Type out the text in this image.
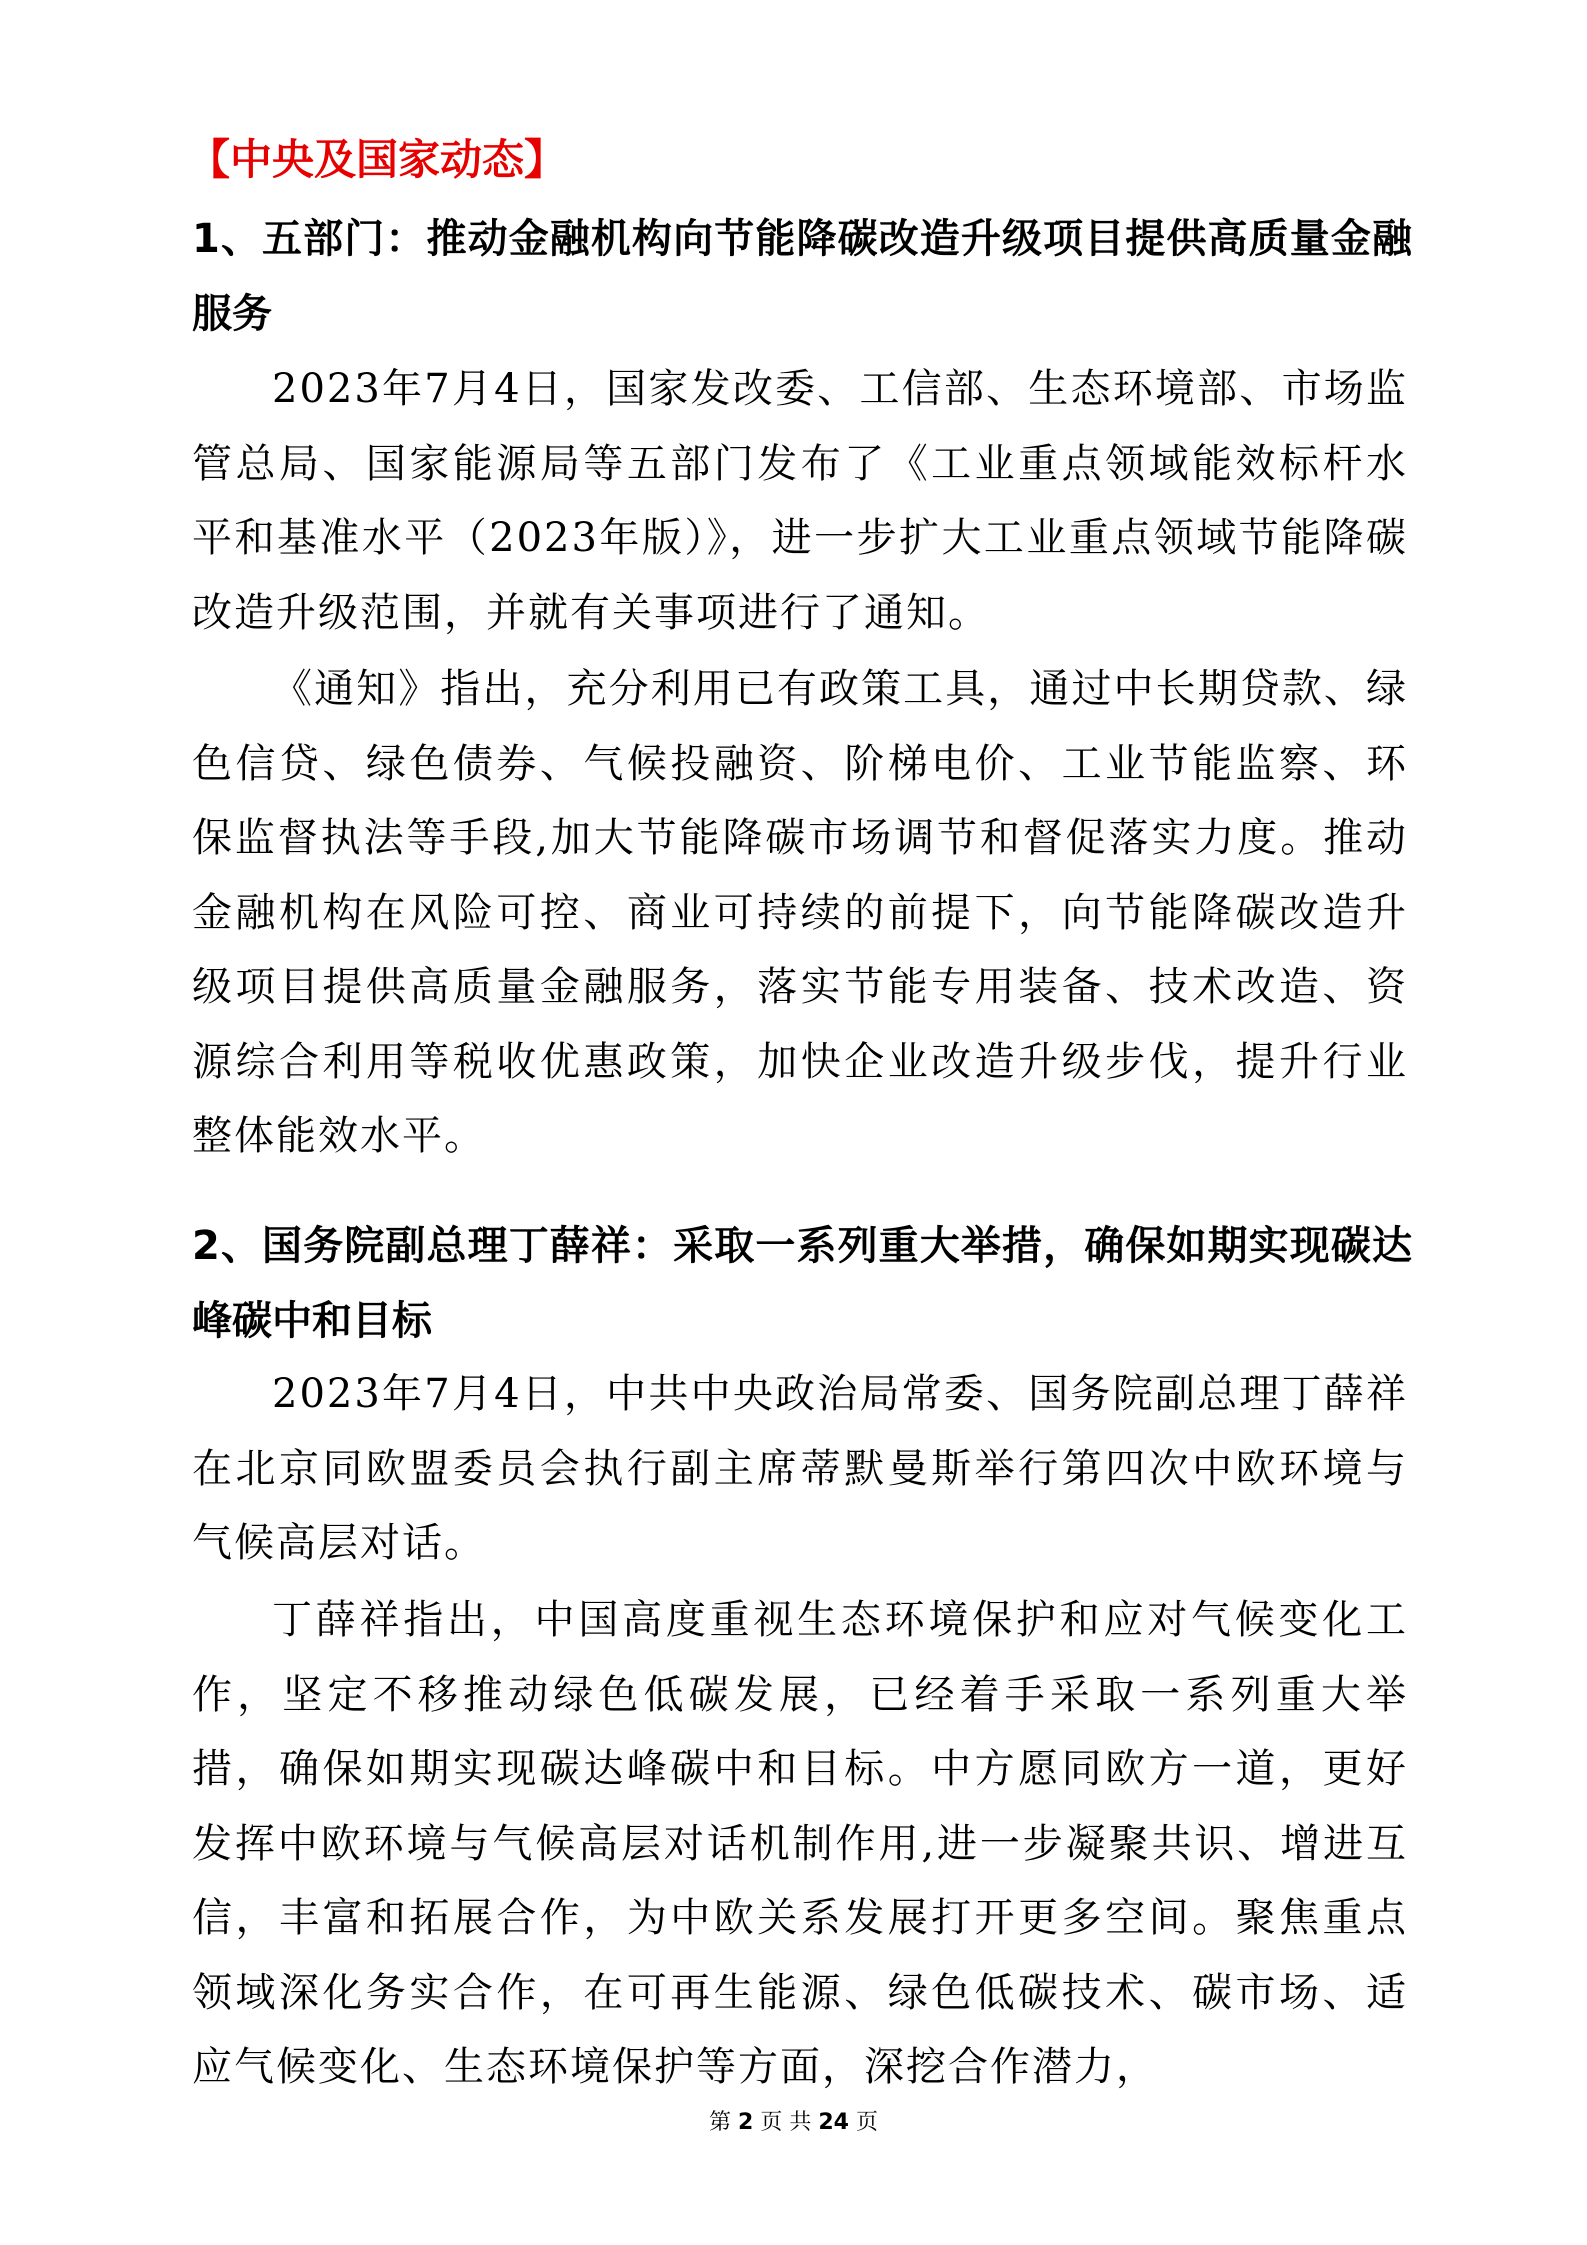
【中央及国家动态】
1、五部门：推动金融机构向节能降碳改造升级项目提供高质量金融服务

2023年7月4日，国家发改委、工信部、生态环境部、市场监管总局、国家能源局等五部门发布了《工业重点领域能效标杆水平和基准水平（2023年版）》，进一步扩大工业重点领域节能降碳改造升级范围，并就有关事项进行了通知。

《通知》指出，充分利用已有政策工具，通过中长期贷款、绿色信贷、绿色债券、气候投融资、阶梯电价、工业节能监察、环保监督执法等手段,加大节能降碳市场调节和督促落实力度。推动金融机构在风险可控、商业可持续的前提下，向节能降碳改造升级项目提供高质量金融服务，落实节能专用装备、技术改造、资源综合利用等税收优惠政策，加快企业改造升级步伐，提升行业整体能效水平。

2、国务院副总理丁薛祥：采取一系列重大举措，确保如期实现碳达峰碳中和目标

2023年7月4日，中共中央政治局常委、国务院副总理丁薛祥在北京同欧盟委员会执行副主席蒂默曼斯举行第四次中欧环境与气候高层对话。

丁薛祥指出，中国高度重视生态环境保护和应对气候变化工作，坚定不移推动绿色低碳发展，已经着手采取一系列重大举措，确保如期实现碳达峰碳中和目标。中方愿同欧方一道，更好发挥中欧环境与气候高层对话机制作用,进一步凝聚共识、增进互信，丰富和拓展合作，为中欧关系发展打开更多空间。聚焦重点领域深化务实合作，在可再生能源、绿色低碳技术、碳市场、适应气候变化、生态环境保护等方面，深挖合作潜力，

第 2 页 共 24 页
